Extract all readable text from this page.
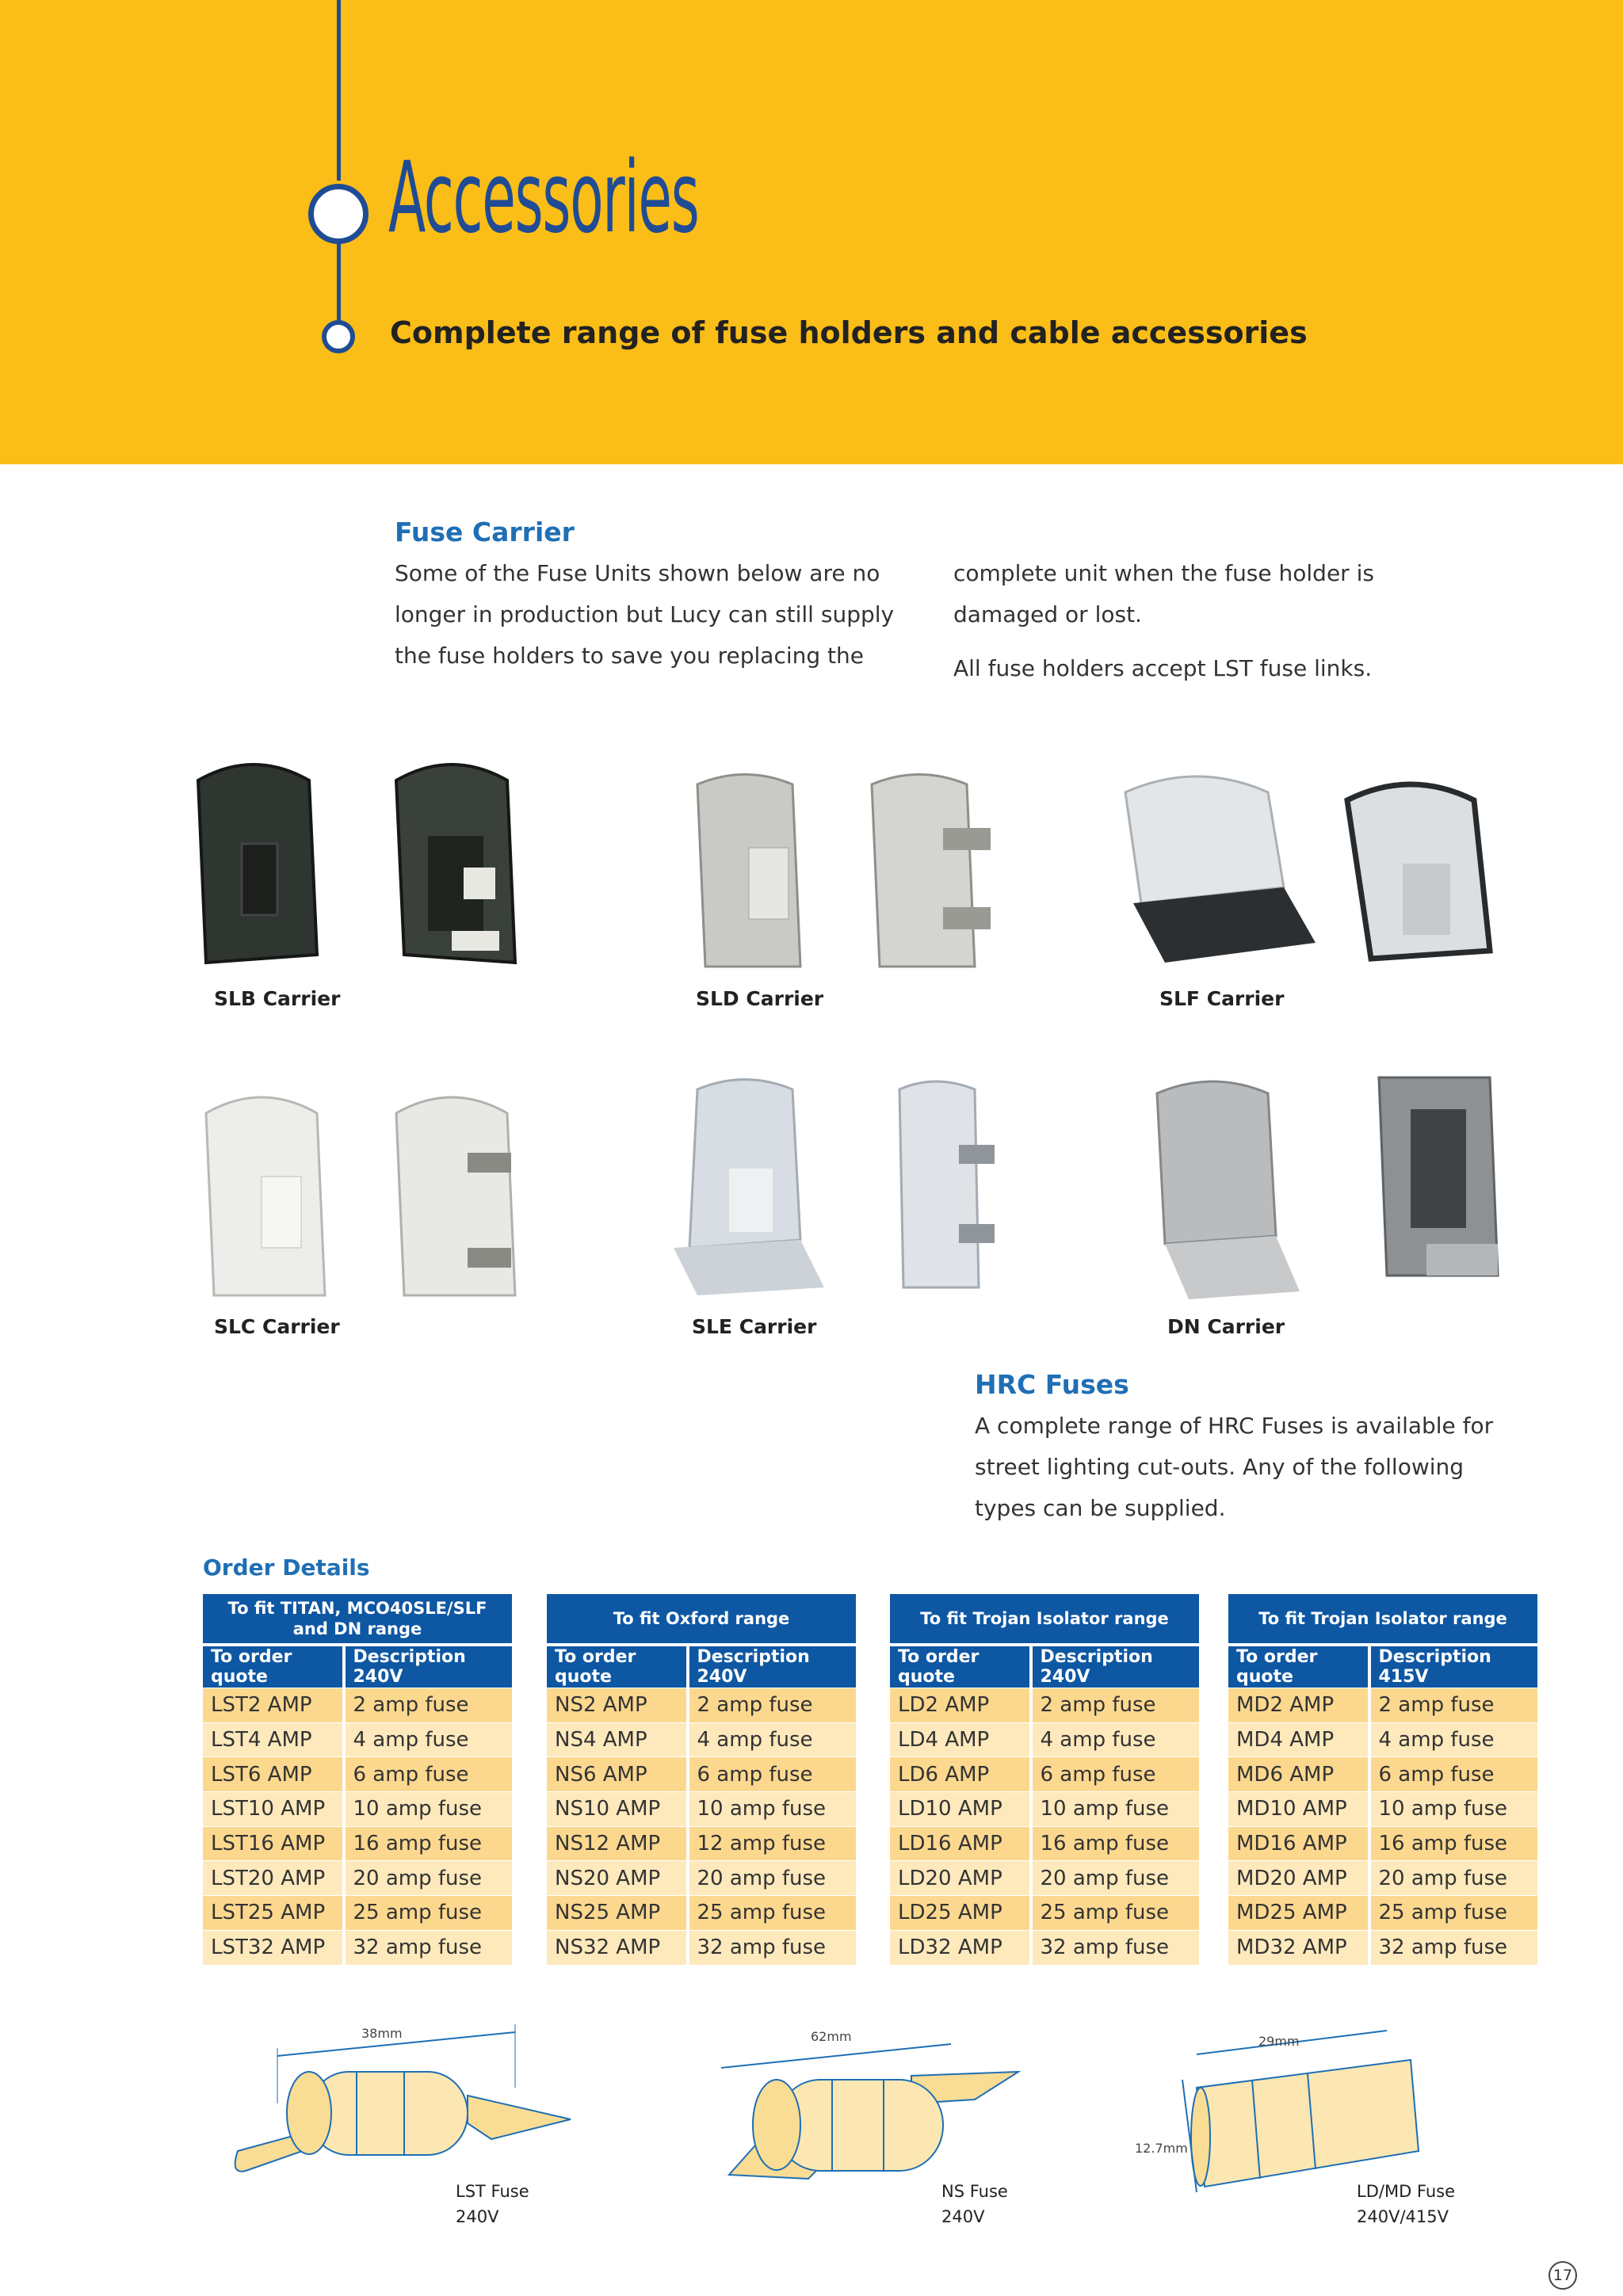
Accessories
Complete range of fuse holders and cable accessories
Fuse Carrier

Some of the Fuse Units shown below are no

longer in production but Lucy can still supply

the fuse holders to save you replacing the

complete unit when the fuse holder is

damaged or lost.

All fuse holders accept LST fuse links.

SLB Carrier	SLD Carrier	SLF Carrier
SLC Carrier	SLE Carrier	DN Carrier
HRC Fuses

A complete range of HRC Fuses is available for

street lighting cut-outs. Any of the following

types can be supplied.

Order Details
To fit TITAN, MCO40SLE/SLF
and DN range	

To order quote	Description 240V
LST2 AMP	2 amp fuse
LST4 AMP	4 amp fuse
LST6 AMP	6 amp fuse
LST10 AMP	10 amp fuse
LST16 AMP	16 amp fuse
LST20 AMP	20 amp fuse
LST25 AMP	25 amp fuse
LST32 AMP	32 amp fuse
To fit Oxford range	

To order quote	Description 240V
NS2 AMP	2 amp fuse
NS4 AMP	4 amp fuse
NS6 AMP	6 amp fuse
NS10 AMP	10 amp fuse
NS12 AMP	12 amp fuse
NS20 AMP	20 amp fuse
NS25 AMP	25 amp fuse
NS32 AMP	32 amp fuse
To fit Trojan Isolator range	

To order quote	Description 240V
LD2 AMP	2 amp fuse
LD4 AMP	4 amp fuse
LD6 AMP	6 amp fuse
LD10 AMP	10 amp fuse
LD16 AMP	16 amp fuse
LD20 AMP	20 amp fuse
LD25 AMP	25 amp fuse
LD32 AMP	32 amp fuse
To fit Trojan Isolator range	

To order quote	Description 415V
MD2 AMP	2 amp fuse
MD4 AMP	4 amp fuse
MD6 AMP	6 amp fuse
MD10 AMP	10 amp fuse
MD16 AMP	16 amp fuse
MD20 AMP	20 amp fuse
MD25 AMP	25 amp fuse
MD32 AMP	32 amp fuse
38mm
LST Fuse
240V
62mm
NS Fuse
240V
29mm
12.7mm
LD/MD Fuse
240V/415V
17
